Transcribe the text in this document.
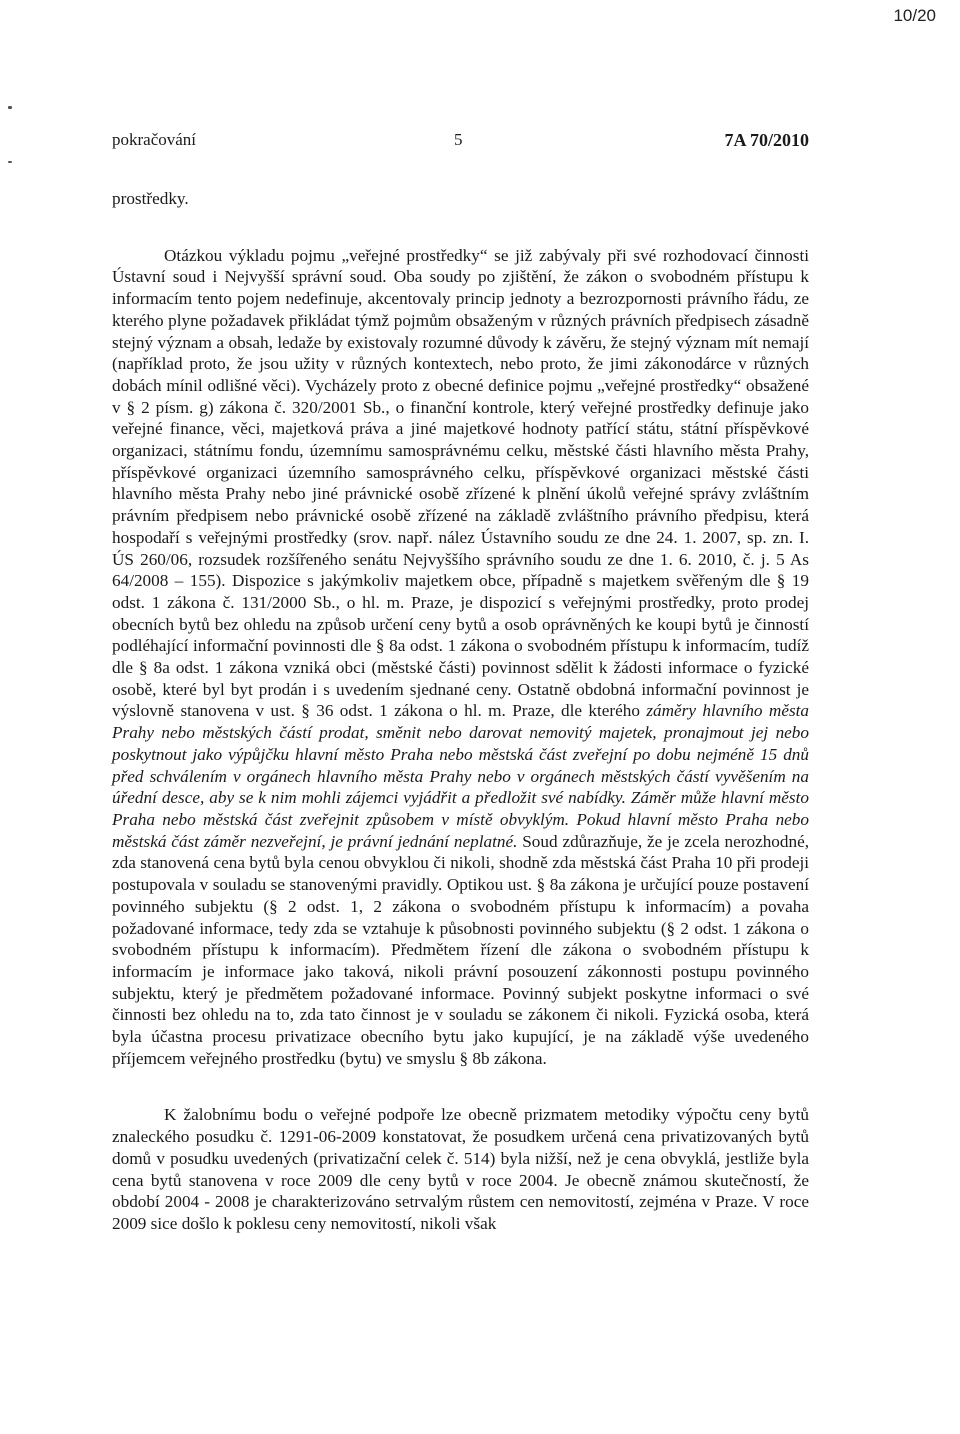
10/20
pokračování	5	7A 70/2010

prostředky.

Otázkou výkladu pojmu „veřejné prostředky“ se již zabývaly při své rozhodovací činnosti Ústavní soud i Nejvyšší správní soud. Oba soudy po zjištění, že zákon o svobodném přístupu k informacím tento pojem nedefinuje, akcentovaly princip jednoty a bezrozpornosti právního řádu, ze kterého plyne požadavek přikládat týmž pojmům obsaženým v různých právních předpisech zásadně stejný význam a obsah, ledaže by existovaly rozumné důvody k závěru, že stejný význam mít nemají (například proto, že jsou užity v různých kontextech, nebo proto, že jimi zákonodárce v různých dobách mínil odlišné věci). Vycházely proto z obecné definice pojmu „veřejné prostředky“ obsažené v § 2 písm. g) zákona č. 320/2001 Sb., o finanční kontrole, který veřejné prostředky definuje jako veřejné finance, věci, majetková práva a jiné majetkové hodnoty patřící státu, státní příspěvkové organizaci, státnímu fondu, územnímu samosprávnému celku, městské části hlavního města Prahy, příspěvkové organizaci územního samosprávného celku, příspěvkové organizaci městské části hlavního města Prahy nebo jiné právnické osobě zřízené k plnění úkolů veřejné správy zvláštním právním předpisem nebo právnické osobě zřízené na základě zvláštního právního předpisu, která hospodaří s veřejnými prostředky (srov. např. nález Ústavního soudu ze dne 24. 1. 2007, sp. zn. I. ÚS 260/06, rozsudek rozšířeného senátu Nejvyššího správního soudu ze dne 1. 6. 2010, č. j. 5 As 64/2008 – 155). Dispozice s jakýmkoliv majetkem obce, případně s majetkem svěřeným dle § 19 odst. 1 zákona č. 131/2000 Sb., o hl. m. Praze, je dispozicí s veřejnými prostředky, proto prodej obecních bytů bez ohledu na způsob určení ceny bytů a osob oprávněných ke koupi bytů je činností podléhající informační povinnosti dle § 8a odst. 1 zákona o svobodném přístupu k informacím, tudíž dle § 8a odst. 1 zákona vzniká obci (městské části) povinnost sdělit k žádosti informace o fyzické osobě, které byl byt prodán i s uvedením sjednané ceny. Ostatně obdobná informační povinnost je výslovně stanovena v ust. § 36 odst. 1 zákona o hl. m. Praze, dle kterého záměry hlavního města Prahy nebo městských částí prodat, směnit nebo darovat nemovitý majetek, pronajmout jej nebo poskytnout jako výpůjčku hlavní město Praha nebo městská část zveřejní po dobu nejméně 15 dnů před schválením v orgánech hlavního města Prahy nebo v orgánech městských částí vyvěšením na úřední desce, aby se k nim mohli zájemci vyjádřit a předložit své nabídky. Záměr může hlavní město Praha nebo městská část zveřejnit způsobem v místě obvyklým. Pokud hlavní město Praha nebo městská část záměr nezveřejní, je právní jednání neplatné. Soud zdůrazňuje, že je zcela nerozhodné, zda stanovená cena bytů byla cenou obvyklou či nikoli, shodně zda městská část Praha 10 při prodeji postupovala v souladu se stanovenými pravidly. Optikou ust. § 8a zákona je určující pouze postavení povinného subjektu (§ 2 odst. 1, 2 zákona o svobodném přístupu k informacím) a povaha požadované informace, tedy zda se vztahuje k působnosti povinného subjektu (§ 2 odst. 1 zákona o svobodném přístupu k informacím). Předmětem řízení dle zákona o svobodném přístupu k informacím je informace jako taková, nikoli právní posouzení zákonnosti postupu povinného subjektu, který je předmětem požadované informace. Povinný subjekt poskytne informaci o své činnosti bez ohledu na to, zda tato činnost je v souladu se zákonem či nikoli. Fyzická osoba, která byla účastna procesu privatizace obecního bytu jako kupující, je na základě výše uvedeného příjemcem veřejného prostředku (bytu) ve smyslu § 8b zákona.

K žalobnímu bodu o veřejné podpoře lze obecně prizmatem metodiky výpočtu ceny bytů znaleckého posudku č. 1291-06-2009 konstatovat, že posudkem určená cena privatizovaných bytů domů v posudku uvedených (privatizační celek č. 514) byla nižší, než je cena obvyklá, jestliže byla cena bytů stanovena v roce 2009 dle ceny bytů v roce 2004. Je obecně známou skutečností, že období 2004 - 2008 je charakterizováno setrvalým růstem cen nemovitostí, zejména v Praze. V roce 2009 sice došlo k poklesu ceny nemovitostí, nikoli však
